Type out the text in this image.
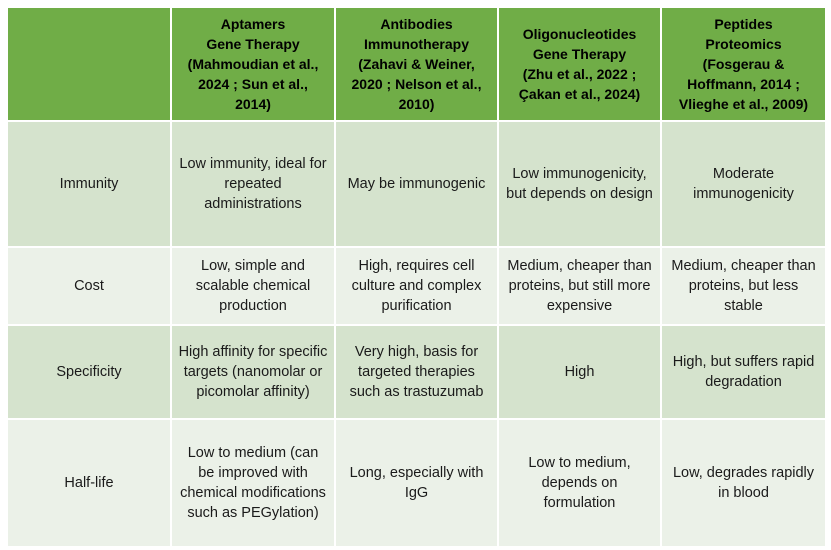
	Aptamers
Gene Therapy
(Mahmoudian et al.,
2024 ; Sun et al.,
2014)	Antibodies
Immunotherapy
(Zahavi & Weiner,
2020 ; Nelson et al.,
2010)	Oligonucleotides
Gene Therapy
(Zhu et al., 2022 ;
Çakan et al., 2024)	Peptides
Proteomics
(Fosgerau &
Hoffmann, 2014 ;
Vlieghe et al., 2009)

Immunity	Low immunity, ideal for repeated administrations	May be immunogenic	Low immunogenicity, but depends on design	Moderate immunogenicity
Cost	Low, simple and scalable chemical production	High, requires cell culture and complex purification	Medium, cheaper than proteins, but still more expensive	Medium, cheaper than proteins, but less stable
Specificity	High affinity for specific targets (nanomolar or picomolar affinity)	Very high, basis for targeted therapies such as trastuzumab	High	High, but suffers rapid degradation
Half-life	Low to medium (can be improved with chemical modifications such as PEGylation)	Long, especially with IgG	Low to medium, depends on formulation	Low, degrades rapidly in blood
